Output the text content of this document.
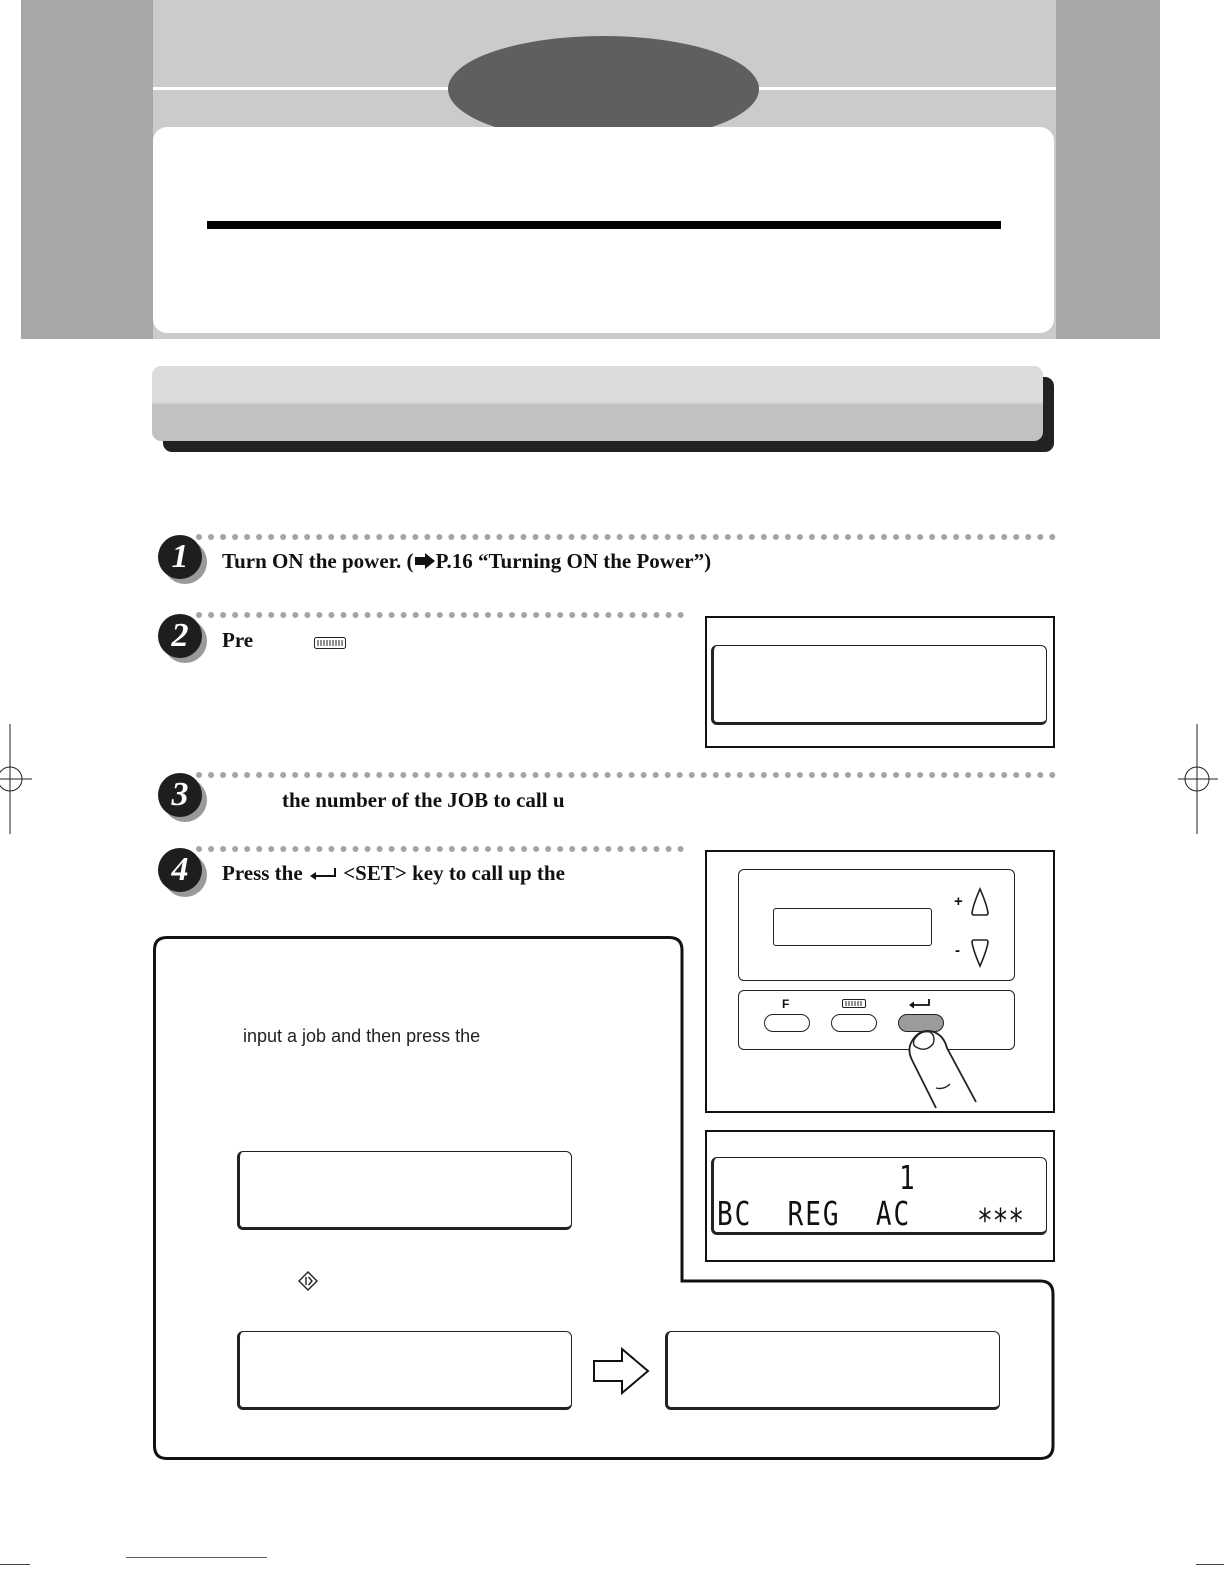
1	Turn ON the power. ( P.16 “Turning ON the Power”)
2	Pre
3	the number of the JOB to call u
4	Press the <SET> key to call up the
+
-
F
1
BC  REG  AC	∗∗∗
input a job and then press the
